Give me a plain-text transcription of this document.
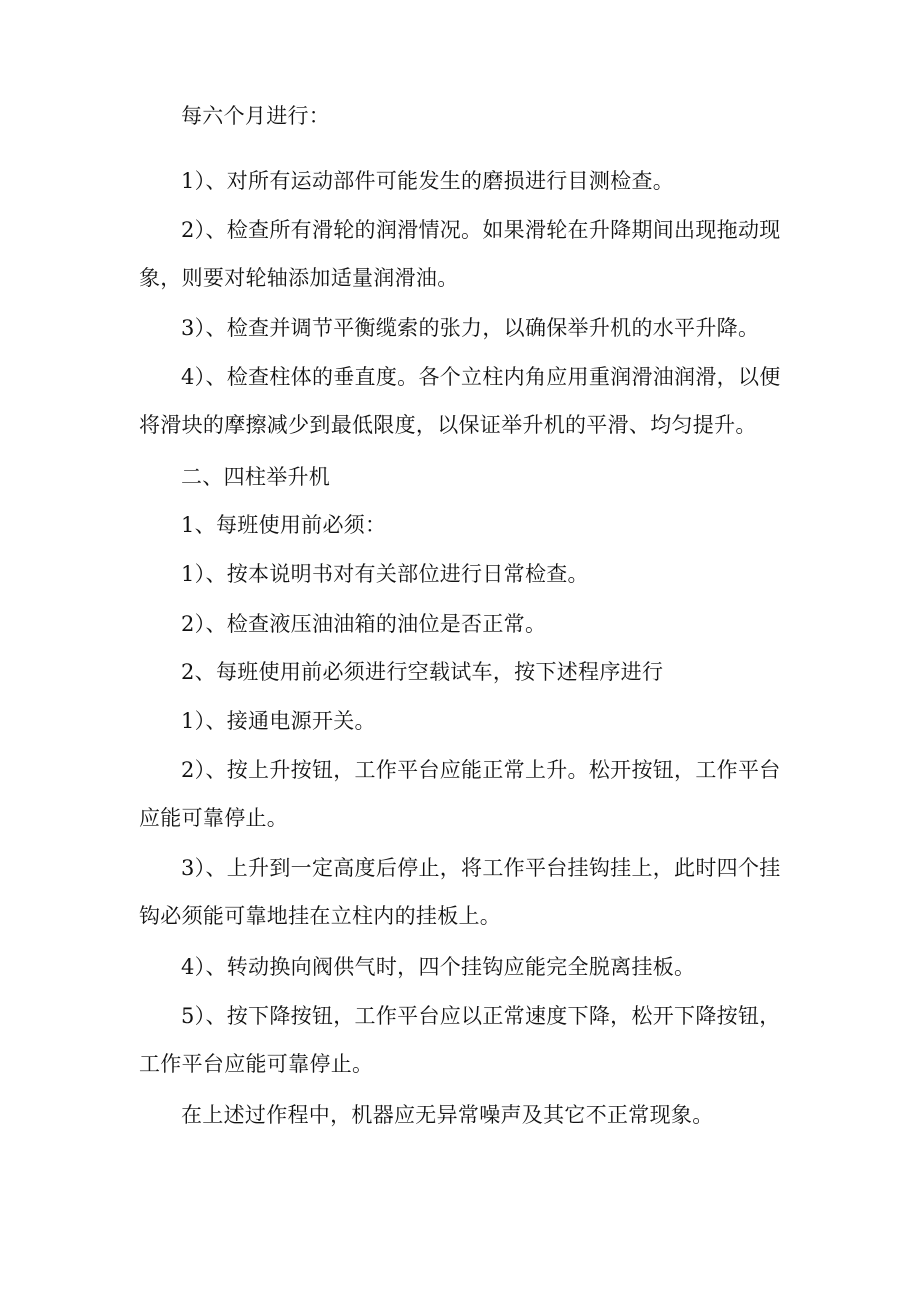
每六个月进行：

1）、对所有运动部件可能发生的磨损进行目测检查。

2）、检查所有滑轮的润滑情况。如果滑轮在升降期间出现拖动现象，则要对轮轴添加适量润滑油。

3）、检查并调节平衡缆索的张力，以确保举升机的水平升降。

4）、检查柱体的垂直度。各个立柱内角应用重润滑油润滑，以便将滑块的摩擦减少到最低限度，以保证举升机的平滑、均匀提升。

二、四柱举升机

1、每班使用前必须：

1）、按本说明书对有关部位进行日常检查。

2）、检查液压油油箱的油位是否正常。

2、每班使用前必须进行空载试车，按下述程序进行

1）、接通电源开关。

2）、按上升按钮，工作平台应能正常上升。松开按钮，工作平台应能可靠停止。

3）、上升到一定高度后停止，将工作平台挂钩挂上，此时四个挂钩必须能可靠地挂在立柱内的挂板上。

4）、转动换向阀供气时，四个挂钩应能完全脱离挂板。

5）、按下降按钮，工作平台应以正常速度下降，松开下降按钮，工作平台应能可靠停止。

在上述过作程中，机器应无异常噪声及其它不正常现象。
